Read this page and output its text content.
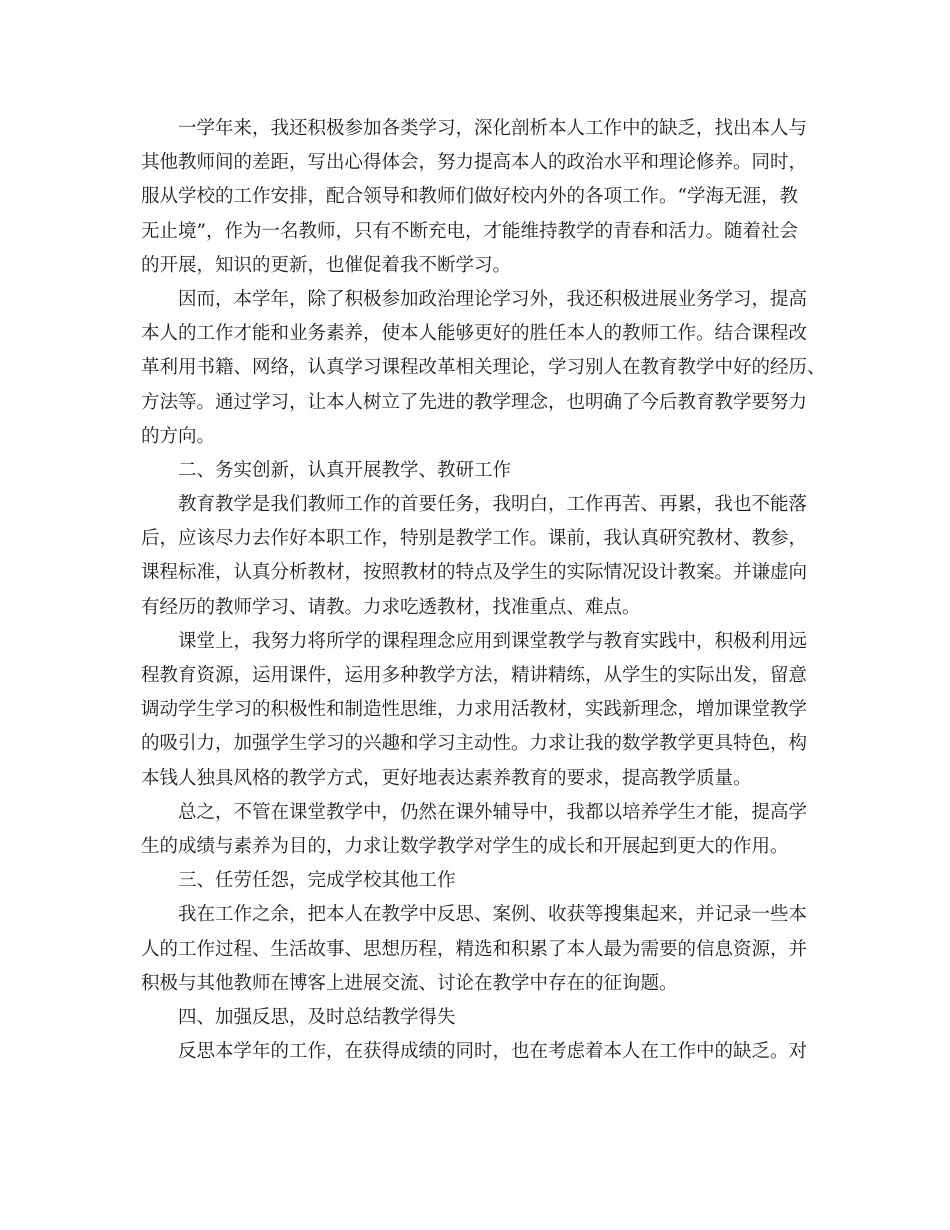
一学年来，我还积极参加各类学习，深化剖析本人工作中的缺乏，找出本人与
其他教师间的差距，写出心得体会，努力提高本人的政治水平和理论修养。同时，
服从学校的工作安排，配合领导和教师们做好校内外的各项工作。“学海无涯，教
无止境”，作为一名教师，只有不断充电，才能维持教学的青春和活力。随着社会
的开展，知识的更新，也催促着我不断学习。
因而，本学年，除了积极参加政治理论学习外，我还积极进展业务学习，提高
本人的工作才能和业务素养，使本人能够更好的胜任本人的教师工作。结合课程改
革利用书籍、网络，认真学习课程改革相关理论，学习别人在教育教学中好的经历、
方法等。通过学习，让本人树立了先进的教学理念，也明确了今后教育教学要努力
的方向。
二、务实创新，认真开展教学、教研工作
教育教学是我们教师工作的首要任务，我明白，工作再苦、再累，我也不能落
后，应该尽力去作好本职工作，特别是教学工作。课前，我认真研究教材、教参，
课程标准，认真分析教材，按照教材的特点及学生的实际情况设计教案。并谦虚向
有经历的教师学习、请教。力求吃透教材，找准重点、难点。
课堂上，我努力将所学的课程理念应用到课堂教学与教育实践中，积极利用远
程教育资源，运用课件，运用多种教学方法，精讲精练，从学生的实际出发，留意
调动学生学习的积极性和制造性思维，力求用活教材，实践新理念，增加课堂教学
的吸引力，加强学生学习的兴趣和学习主动性。力求让我的数学教学更具特色，构
本钱人独具风格的教学方式，更好地表达素养教育的要求，提高教学质量。
总之，不管在课堂教学中，仍然在课外辅导中，我都以培养学生才能，提高学
生的成绩与素养为目的，力求让数学教学对学生的成长和开展起到更大的作用。
三、任劳任怨，完成学校其他工作
我在工作之余，把本人在教学中反思、案例、收获等搜集起来，并记录一些本
人的工作过程、生活故事、思想历程，精选和积累了本人最为需要的信息资源，并
积极与其他教师在博客上进展交流、讨论在教学中存在的征询题。
四、加强反思，及时总结教学得失
反思本学年的工作，在获得成绩的同时，也在考虑着本人在工作中的缺乏。对
